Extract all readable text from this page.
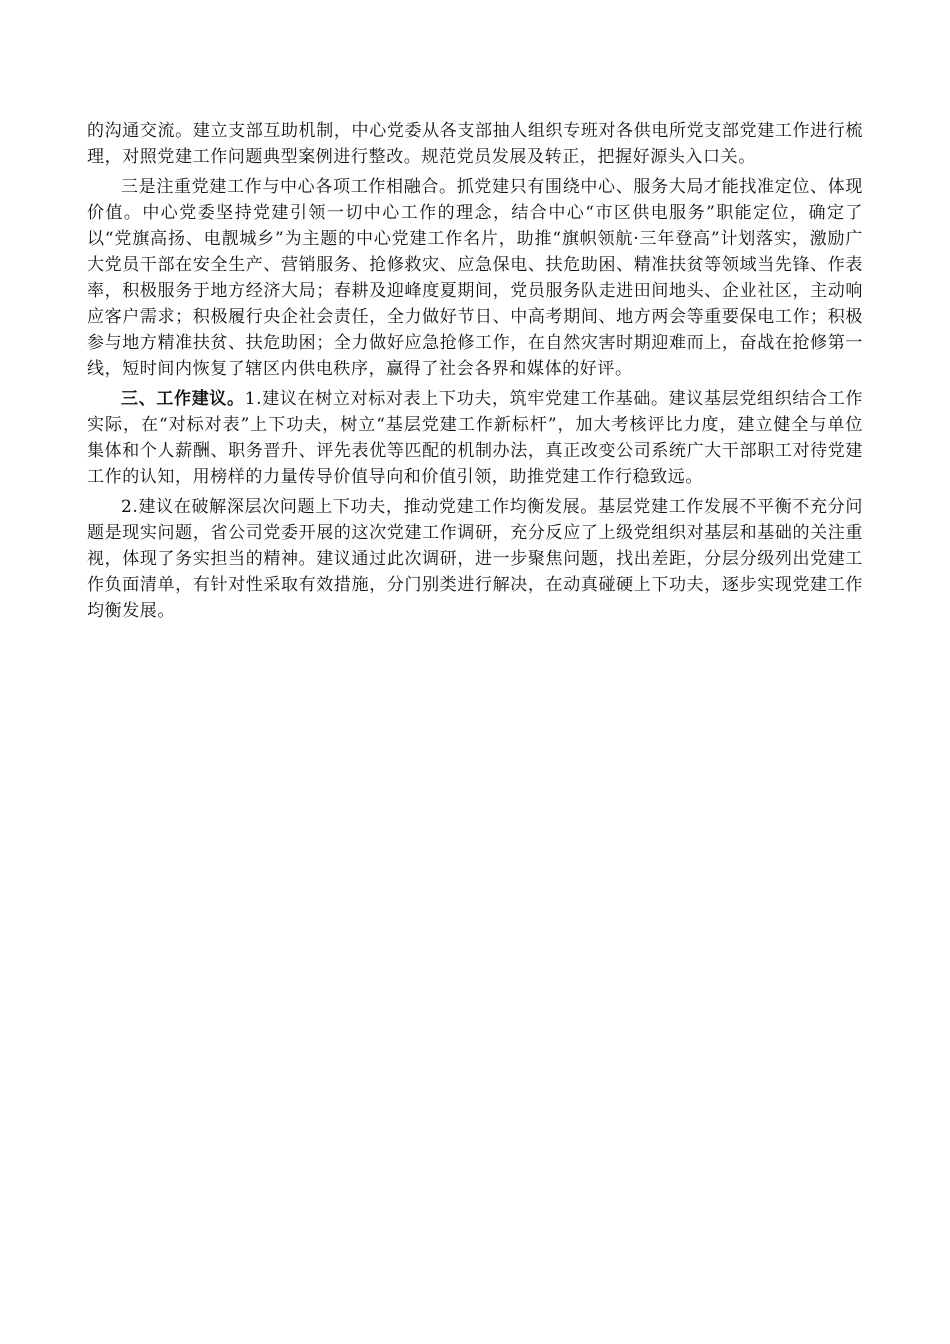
的沟通交流。建立支部互助机制，中心党委从各支部抽人组织专班对各供电所党支部党建工作进行梳理，对照党建工作问题典型案例进行整改。规范党员发展及转正，把握好源头入口关。

三是注重党建工作与中心各项工作相融合。抓党建只有围绕中心、服务大局才能找准定位、体现价值。中心党委坚持党建引领一切中心工作的理念，结合中心“市区供电服务”职能定位，确定了以“党旗高扬、电靓城乡”为主题的中心党建工作名片，助推“旗帜领航·三年登高”计划落实，激励广大党员干部在安全生产、营销服务、抢修救灾、应急保电、扶危助困、精准扶贫等领域当先锋、作表率，积极服务于地方经济大局；春耕及迎峰度夏期间，党员服务队走进田间地头、企业社区，主动响应客户需求；积极履行央企社会责任，全力做好节日、中高考期间、地方两会等重要保电工作；积极参与地方精准扶贫、扶危助困；全力做好应急抢修工作，在自然灾害时期迎难而上，奋战在抢修第一线，短时间内恢复了辖区内供电秩序，赢得了社会各界和媒体的好评。

三、工作建议。1.建议在树立对标对表上下功夫，筑牢党建工作基础。建议基层党组织结合工作实际，在“对标对表”上下功夫，树立“基层党建工作新标杆”，加大考核评比力度，建立健全与单位集体和个人薪酬、职务晋升、评先表优等匹配的机制办法，真正改变公司系统广大干部职工对待党建工作的认知，用榜样的力量传导价值导向和价值引领，助推党建工作行稳致远。

2.建议在破解深层次问题上下功夫，推动党建工作均衡发展。基层党建工作发展不平衡不充分问题是现实问题，省公司党委开展的这次党建工作调研，充分反应了上级党组织对基层和基础的关注重视，体现了务实担当的精神。建议通过此次调研，进一步聚焦问题，找出差距，分层分级列出党建工作负面清单，有针对性采取有效措施，分门别类进行解决，在动真碰硬上下功夫，逐步实现党建工作均衡发展。
